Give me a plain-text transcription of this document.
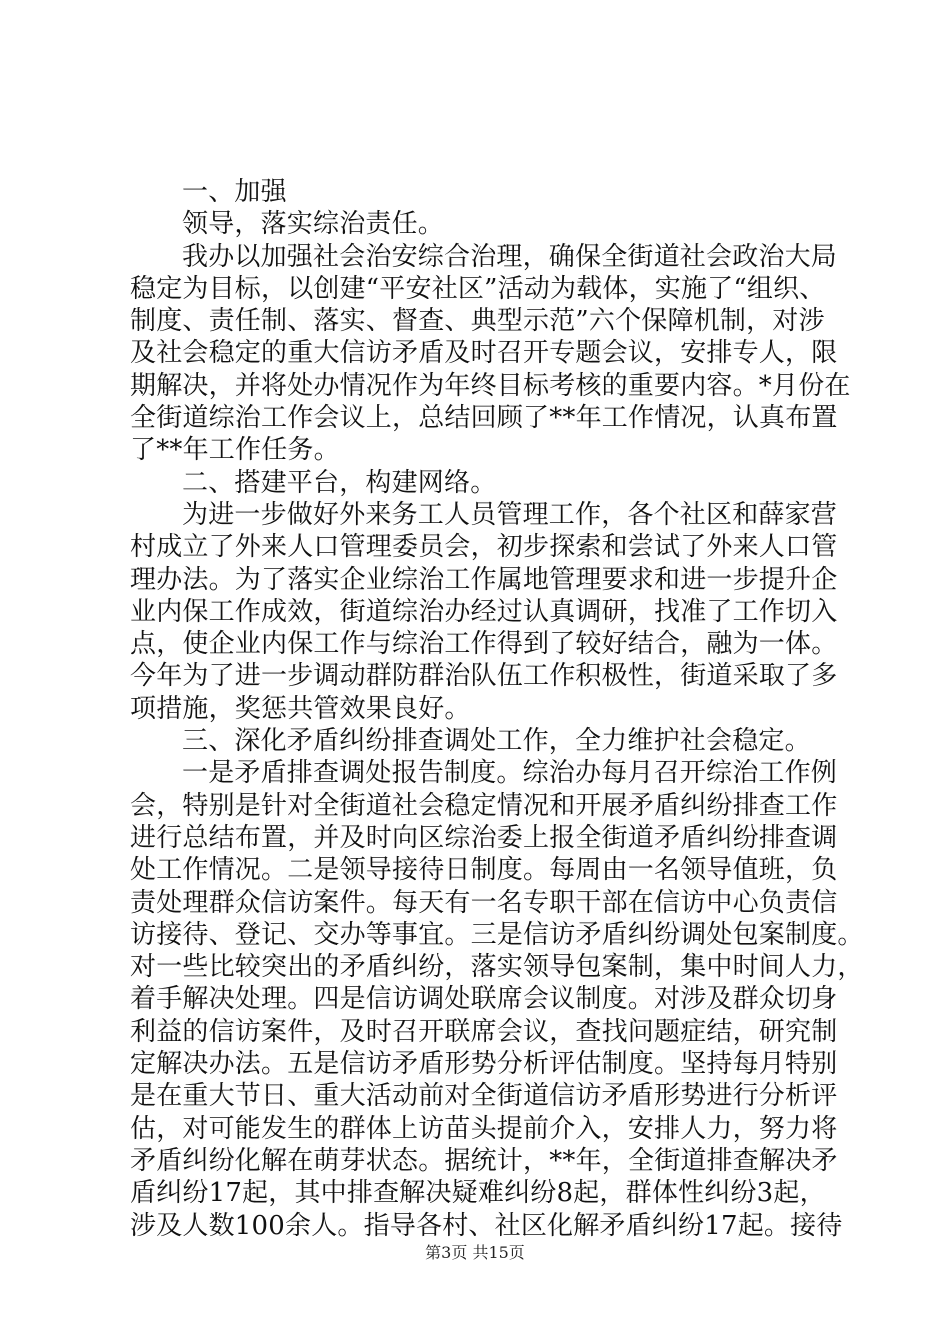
一、加强
领导，落实综治责任。
我办以加强社会治安综合治理，确保全街道社会政治大局
稳定为目标，以创建“平安社区”活动为载体，实施了“组织、
制度、责任制、落实、督查、典型示范”六个保障机制，对涉
及社会稳定的重大信访矛盾及时召开专题会议，安排专人，限
期解决，并将处办情况作为年终目标考核的重要内容。*月份在
全街道综治工作会议上，总结回顾了**年工作情况，认真布置
了**年工作任务。
二、搭建平台，构建网络。
为进一步做好外来务工人员管理工作，各个社区和薛家营
村成立了外来人口管理委员会，初步探索和尝试了外来人口管
理办法。为了落实企业综治工作属地管理要求和进一步提升企
业内保工作成效，街道综治办经过认真调研，找准了工作切入
点，使企业内保工作与综治工作得到了较好结合，融为一体。
今年为了进一步调动群防群治队伍工作积极性，街道采取了多
项措施，奖惩共管效果良好。
三、深化矛盾纠纷排查调处工作，全力维护社会稳定。
一是矛盾排查调处报告制度。综治办每月召开综治工作例
会，特别是针对全街道社会稳定情况和开展矛盾纠纷排查工作
进行总结布置，并及时向区综治委上报全街道矛盾纠纷排查调
处工作情况。二是领导接待日制度。每周由一名领导值班，负
责处理群众信访案件。每天有一名专职干部在信访中心负责信
访接待、登记、交办等事宜。三是信访矛盾纠纷调处包案制度。
对一些比较突出的矛盾纠纷，落实领导包案制，集中时间人力，
着手解决处理。四是信访调处联席会议制度。对涉及群众切身
利益的信访案件，及时召开联席会议，查找问题症结，研究制
定解决办法。五是信访矛盾形势分析评估制度。坚持每月特别
是在重大节日、重大活动前对全街道信访矛盾形势进行分析评
估，对可能发生的群体上访苗头提前介入，安排人力，努力将
矛盾纠纷化解在萌芽状态。据统计，**年，全街道排查解决矛
盾纠纷17起，其中排查解决疑难纠纷8起，群体性纠纷3起，
涉及人数100余人。指导各村、社区化解矛盾纠纷17起。接待
第3页 共15页
